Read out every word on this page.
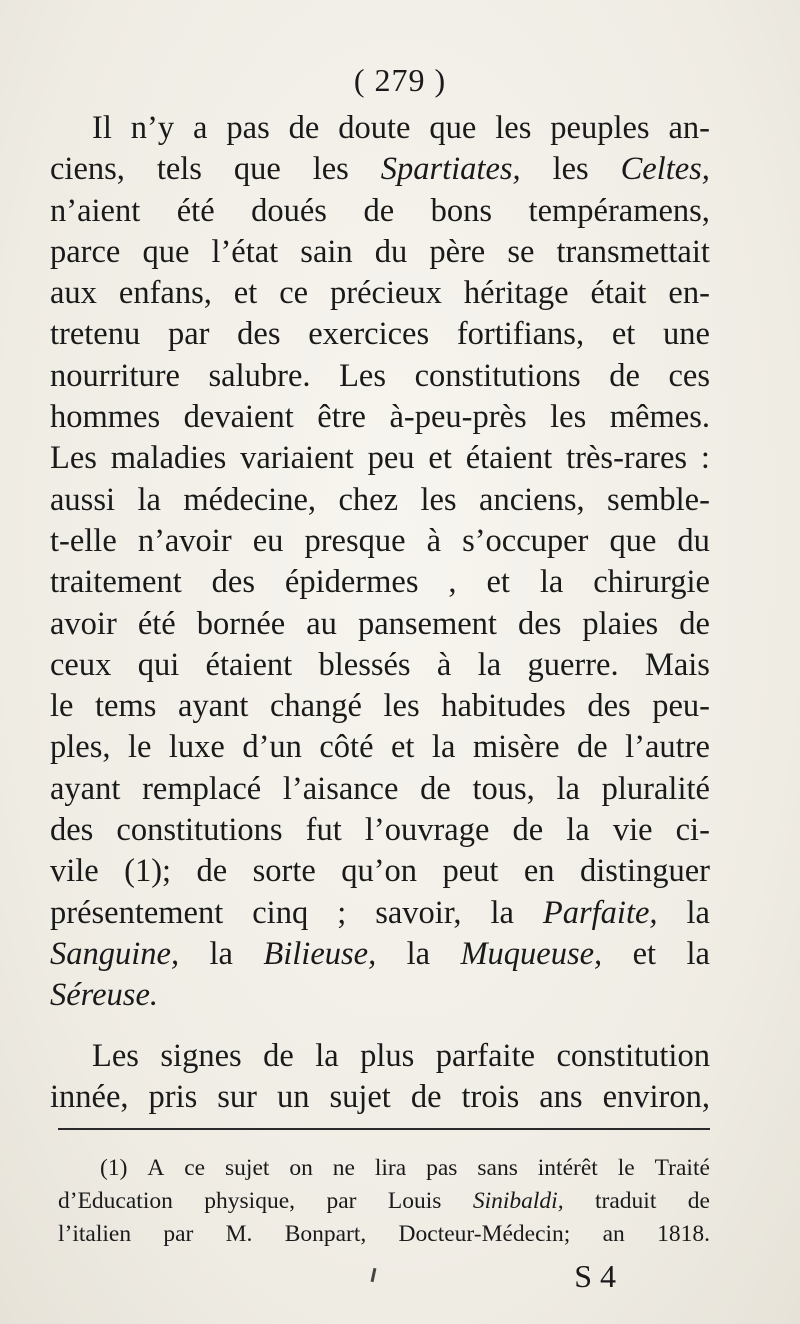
( 279 )
Il n’y a pas de doute que les peuples an-
ciens, tels que les Spartiates, les Celtes,
n’aient été doués de bons tempéramens,
parce que l’état sain du père se transmettait
aux enfans, et ce précieux héritage était en-
tretenu par des exercices fortifians, et une
nourriture salubre. Les constitutions de ces
hommes devaient être à-peu-près les mêmes.
Les maladies variaient peu et étaient très-rares :
aussi la médecine, chez les anciens, semble-
t-elle n’avoir eu presque à s’occuper que du
traitement des épidermes , et la chirurgie
avoir été bornée au pansement des plaies de
ceux qui étaient blessés à la guerre. Mais
le tems ayant changé les habitudes des peu-
ples, le luxe d’un côté et la misère de l’autre
ayant remplacé l’aisance de tous, la pluralité
des constitutions fut l’ouvrage de la vie ci-
vile (1); de sorte qu’on peut en distinguer
présentement cinq ; savoir, la Parfaite, la
Sanguine, la Bilieuse, la Muqueuse, et la
Séreuse.
Les signes de la plus parfaite constitution
innée, pris sur un sujet de trois ans environ,
(1) A ce sujet on ne lira pas sans intérêt le Traité
d’Education physique, par Louis Sinibaldi, traduit de
l’italien par M. Bonpart, Docteur-Médecin; an 1818.
S 4
